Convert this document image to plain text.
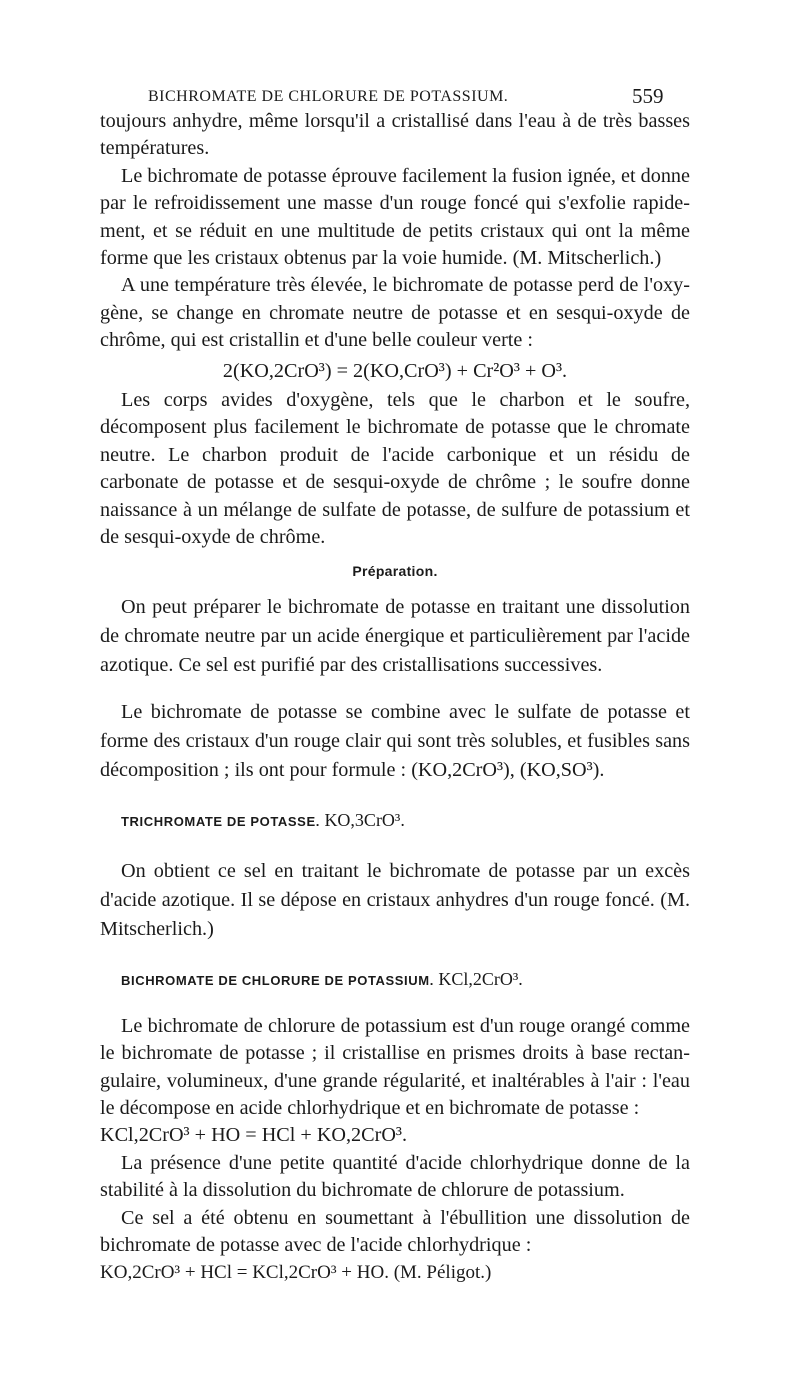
BICHROMATE DE CHLORURE DE POTASSIUM.	559

toujours anhydre, même lorsqu'il a cristallisé dans l'eau à de très basses températures.

Le bichromate de potasse éprouve facilement la fusion ignée, et donne par le refroidissement une masse d'un rouge foncé qui s'exfolie rapidement, et se réduit en une multitude de petits cristaux qui ont la même forme que les cristaux obtenus par la voie humide. (M. Mitscherlich.)

A une température très élevée, le bichromate de potasse perd de l'oxygène, se change en chromate neutre de potasse et en sesqui-oxyde de chrôme, qui est cristallin et d'une belle couleur verte :

2(KO,2CrO³) = 2(KO,CrO³) + Cr²O³ + O³.

Les corps avides d'oxygène, tels que le charbon et le soufre, décomposent plus facilement le bichromate de potasse que le chromate neutre. Le charbon produit de l'acide carbonique et un résidu de carbonate de potasse et de sesqui-oxyde de chrôme ; le soufre donne naissance à un mélange de sulfate de potasse, de sulfure de potassium et de sesqui-oxyde de chrôme.

Préparation.

On peut préparer le bichromate de potasse en traitant une dissolution de chromate neutre par un acide énergique et particulièrement par l'acide azotique. Ce sel est purifié par des cristallisations successives.

Le bichromate de potasse se combine avec le sulfate de potasse et forme des cristaux d'un rouge clair qui sont très solubles, et fusibles sans décomposition ; ils ont pour formule : (KO,2CrO³), (KO,SO³).

TRICHROMATE DE POTASSE. KO,3CrO³.

On obtient ce sel en traitant le bichromate de potasse par un excès d'acide azotique. Il se dépose en cristaux anhydres d'un rouge foncé. (M. Mitscherlich.)

BICHROMATE DE CHLORURE DE POTASSIUM. KCl,2CrO³.

Le bichromate de chlorure de potassium est d'un rouge orangé comme le bichromate de potasse ; il cristallise en prismes droits à base rectangulaire, volumineux, d'une grande régularité, et inaltérables à l'air : l'eau le décompose en acide chlorhydrique et en bichromate de potasse :

KCl,2CrO³ + HO = HCl + KO,2CrO³.

La présence d'une petite quantité d'acide chlorhydrique donne de la stabilité à la dissolution du bichromate de chlorure de potassium.

Ce sel a été obtenu en soumettant à l'ébullition une dissolution de bichromate de potasse avec de l'acide chlorhydrique :

KO,2CrO³ + HCl = KCl,2CrO³ + HO. (M. Péligot.)
